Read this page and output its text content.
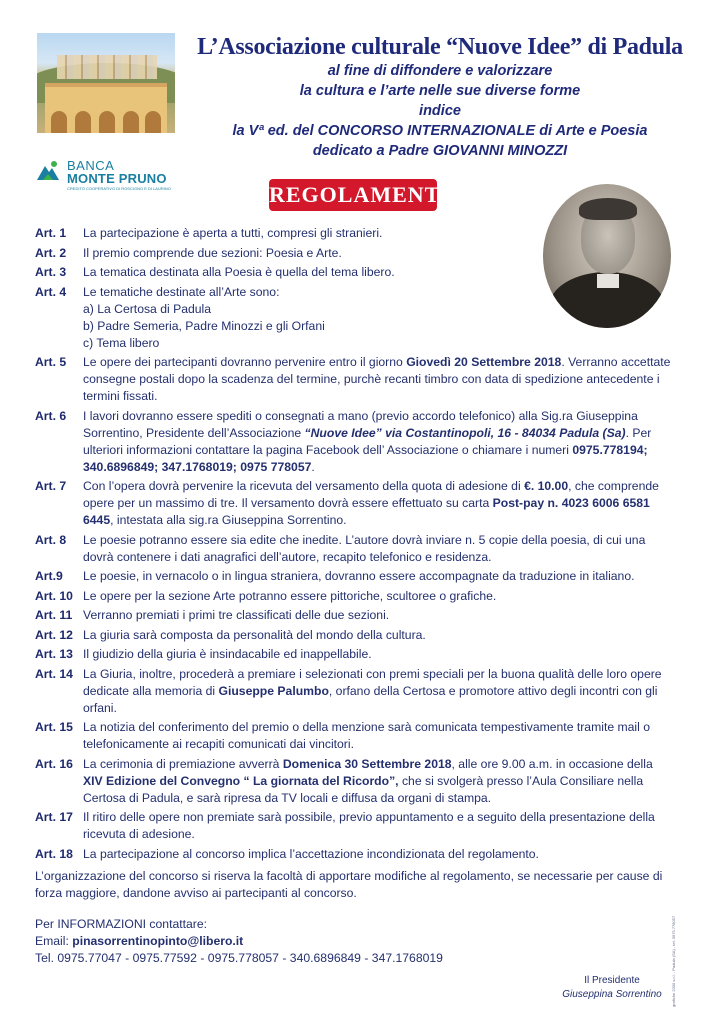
L’Associazione culturale “Nuove Idee” di Padula

al fine di diffondere e valorizzare

la cultura e l’arte nelle sue diverse forme

indice

la Vª ed. del CONCORSO INTERNAZIONALE di Arte e Poesia

dedicato a Padre GIOVANNI MINOZZI

BANCA
MONTE PRUNO
CREDITO COOPERATIVO DI ROSCIGNO E DI LAURINO	REGOLAMENTO
Art. 1 La partecipazione è aperta a tutti, compresi gli stranieri.
Art. 2 Il premio comprende due sezioni: Poesia e Arte.
Art. 3 La tematica destinata alla Poesia è quella del tema libero.
Art. 4 Le tematiche destinate all’Arte sono:
a) La Certosa di Padula
b) Padre Semeria, Padre Minozzi e gli Orfani
c) Tema libero
Art. 5 Le opere dei partecipanti dovranno pervenire entro il giorno Giovedì 20 Settembre 2018. Verranno accettate consegne postali dopo la scadenza del termine, purchè recanti timbro con data di spedizione antecedente i termini fissati.
Art. 6 I lavori dovranno essere spediti o consegnati a mano (previo accordo telefonico) alla Sig.ra Giuseppina Sorrentino, Presidente dell’Associazione “Nuove Idee” via Costantinopoli, 16 - 84034 Padula (Sa). Per ulteriori informazioni contattare la pagina Facebook dell’ Associazione o chiamare i numeri 0975.778194; 340.6896849; 347.1768019; 0975 778057.
Art. 7 Con l’opera dovrà pervenire la ricevuta del versamento della quota di adesione di €. 10.00, che comprende opere per un massimo di tre. Il versamento dovrà essere effettuato su carta Post-pay n. 4023 6006 6581 6445, intestata alla sig.ra Giuseppina Sorrentino.
Art. 8 Le poesie potranno essere sia edite che inedite. L’autore dovrà inviare n. 5 copie della poesia, di cui una dovrà contenere i dati anagrafici dell’autore, recapito telefonico e residenza.
Art.9 Le poesie, in vernacolo o in lingua straniera, dovranno essere accompagnate da traduzione in italiano.
Art. 10 Le opere per la sezione Arte potranno essere pittoriche, scultoree o grafiche.
Art. 11 Verranno premiati i primi tre classificati delle due sezioni.
Art. 12 La giuria sarà composta da personalità del mondo della cultura.
Art. 13 Il giudizio della giuria è insindacabile ed inappellabile.
Art. 14 La Giuria, inoltre, procederà a premiare i selezionati con premi speciali per la buona qualità delle loro opere dedicate alla memoria di Giuseppe Palumbo, orfano della Certosa e promotore attivo degli incontri con gli orfani.
Art. 15 La notizia del conferimento del premio o della menzione sarà comunicata tempestivamente tramite mail o telefonicamente ai recapiti comunicati dai vincitori.
Art. 16 La cerimonia di premiazione avverrà Domenica 30 Settembre 2018, alle ore 9.00 a.m. in occasione della XIV Edizione del Convegno “ La giornata del Ricordo”, che si svolgerà presso l’Aula Consiliare nella Certosa di Padula, e sarà ripresa da TV locali e diffusa da organi di stampa.
Art. 17 Il ritiro delle opere non premiate sarà possibile, previo appuntamento e a seguito della presentazione della ricevuta di adesione.
Art. 18 La partecipazione al concorso implica l’accettazione incondizionata del regolamento.

L’organizzazione del concorso si riserva la facoltà di apportare modifiche al regolamento, se necessarie per cause di forza maggiore, dandone avviso ai partecipanti al concorso.

Per INFORMAZIONI contattare:
Email: pinasorrentinopinto@libero.it
Tel. 0975.77047 - 0975.77592 - 0975.778057 - 340.6896849 - 347.1768019
Il Presidente
Giuseppina Sorrentino	grafiche 2000 s.r.l. - Padula (SA) - tel. 0975.778057
